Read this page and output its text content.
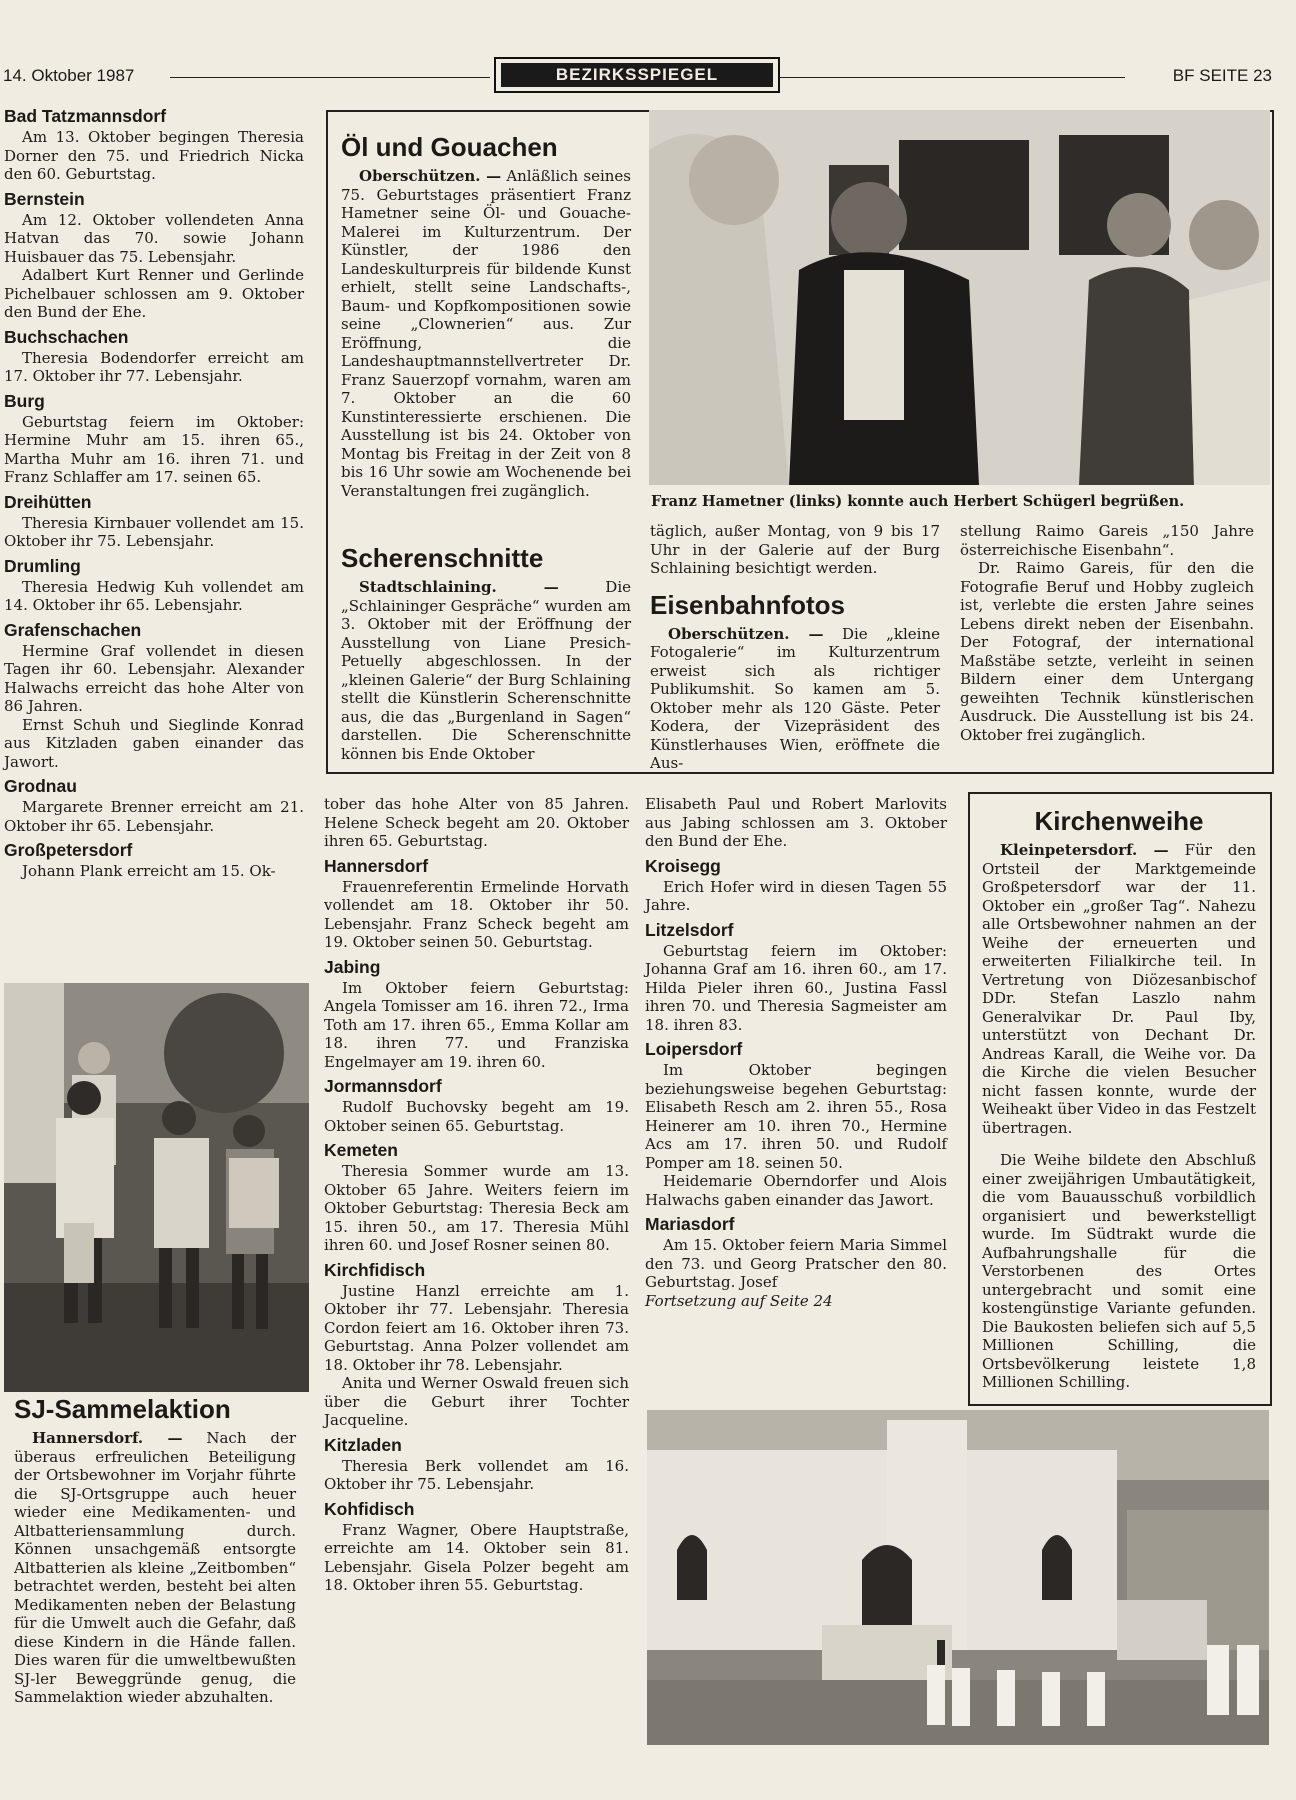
14. Oktober 1987	BEZIRKSSPIEGEL	BF SEITE 23
Bad Tatzmannsdorf

Am 13. Oktober begingen Theresia Dorner den 75. und Friedrich Nicka den 60. Geburtstag.

Bernstein

Am 12. Oktober vollendeten Anna Hatvan das 70. sowie Johann Huisbauer das 75. Lebensjahr.

Adalbert Kurt Renner und Gerlinde Pichelbauer schlossen am 9. Oktober den Bund der Ehe.

Buchschachen

Theresia Bodendorfer erreicht am 17. Oktober ihr 77. Lebensjahr.

Burg

Geburtstag feiern im Oktober: Hermine Muhr am 15. ihren 65., Martha Muhr am 16. ihren 71. und Franz Schlaffer am 17. seinen 65.

Dreihütten

Theresia Kirnbauer vollendet am 15. Oktober ihr 75. Lebensjahr.

Drumling

Theresia Hedwig Kuh vollendet am 14. Oktober ihr 65. Lebensjahr.

Grafenschachen

Hermine Graf vollendet in diesen Tagen ihr 60. Lebensjahr. Alexander Halwachs erreicht das hohe Alter von 86 Jahren.

Ernst Schuh und Sieglinde Konrad aus Kitzladen gaben einander das Jawort.

Grodnau

Margarete Brenner erreicht am 21. Oktober ihr 65. Lebensjahr.

Großpetersdorf

Johann Plank erreicht am 15. Ok-

SJ-Sammelaktion

Hannersdorf. — Nach der überaus erfreulichen Beteiligung der Ortsbewohner im Vorjahr führte die SJ-Ortsgruppe auch heuer wieder eine Medikamenten- und Altbatteriensammlung durch. Können unsachgemäß entsorgte Altbatterien als kleine „Zeitbomben“ betrachtet werden, besteht bei alten Medikamenten neben der Belastung für die Umwelt auch die Gefahr, daß diese Kindern in die Hände fallen. Dies waren für die umweltbewußten SJ-ler Beweggründe genug, die Sammelaktion wieder abzuhalten.

Öl und Gouachen

Oberschützen. — Anläßlich seines 75. Geburtstages präsentiert Franz Hametner seine Öl- und Gouache-Malerei im Kulturzentrum. Der Künstler, der 1986 den Landeskulturpreis für bildende Kunst erhielt, stellt seine Landschafts-, Baum- und Kopfkompositionen sowie seine „Clownerien“ aus. Zur Eröffnung, die Landeshauptmannstellvertreter Dr. Franz Sauerzopf vornahm, waren am 7. Oktober an die 60 Kunstinteressierte erschienen. Die Ausstellung ist bis 24. Oktober von Montag bis Freitag in der Zeit von 8 bis 16 Uhr sowie am Wochenende bei Veranstaltungen frei zugänglich.

Franz Hametner (links) konnte auch Herbert Schügerl begrüßen.
Scherenschnitte

Stadtschlaining. —	Die „Schlaininger Gespräche“ wurden am 3. Oktober mit der Eröffnung der Ausstellung von Liane Presich-Petuelly abgeschlossen. In der „kleinen Galerie“ der Burg Schlaining stellt die Künstlerin Scherenschnitte aus, die das „Burgenland in Sagen“ darstellen. Die Scherenschnitte können bis Ende Oktober

täglich, außer Montag, von 9 bis 17 Uhr in der Galerie auf der Burg Schlaining besichtigt werden.

Eisenbahnfotos

Oberschützen. — Die „kleine Fotogalerie“ im Kulturzentrum erweist sich als richtiger Publikumshit. So kamen am 5. Oktober mehr als 120 Gäste. Peter Kodera, der Vizepräsident des Künstlerhauses Wien, eröffnete die Aus-

stellung Raimo Gareis „150 Jahre österreichische Eisenbahn“.

Dr. Raimo Gareis, für den die Fotografie Beruf und Hobby zugleich ist, verlebte die ersten Jahre seines Lebens direkt neben der Eisenbahn. Der Fotograf, der international Maßstäbe setzte, verleiht in seinen Bildern einer dem Untergang geweihten Technik künstlerischen Ausdruck. Die Ausstellung ist bis 24. Oktober frei zugänglich.

tober das hohe Alter von 85 Jahren. Helene Scheck begeht am 20. Oktober ihren 65. Geburtstag.

Hannersdorf

Frauenreferentin Ermelinde Horvath vollendet am 18. Oktober ihr 50. Lebensjahr. Franz Scheck begeht am 19. Oktober seinen 50. Geburtstag.

Jabing

Im Oktober feiern Geburtstag: Angela Tomisser am 16. ihren 72., Irma Toth am 17. ihren 65., Emma Kollar am 18. ihren 77. und Franziska Engelmayer am 19. ihren 60.

Jormannsdorf

Rudolf Buchovsky begeht am 19. Oktober seinen 65. Geburtstag.

Kemeten

Theresia Sommer wurde am 13. Oktober 65 Jahre. Weiters feiern im Oktober Geburtstag: Theresia Beck am 15. ihren 50., am 17. Theresia Mühl ihren 60. und Josef Rosner seinen 80.

Kirchfidisch

Justine Hanzl erreichte am 1. Oktober ihr 77. Lebensjahr. Theresia Cordon feiert am 16. Oktober ihren 73. Geburtstag. Anna Polzer vollendet am 18. Oktober ihr 78. Lebensjahr.

Anita und Werner Oswald freuen sich über die Geburt ihrer Tochter Jacqueline.

Kitzladen

Theresia Berk vollendet am 16. Oktober ihr 75. Lebensjahr.

Kohfidisch

Franz Wagner, Obere Hauptstraße, erreichte am 14. Oktober sein 81. Lebensjahr. Gisela Polzer begeht am 18. Oktober ihren 55. Geburtstag.

Elisabeth Paul und Robert Marlovits aus Jabing schlossen am 3. Oktober den Bund der Ehe.

Kroisegg

Erich Hofer wird in diesen Tagen 55 Jahre.

Litzelsdorf

Geburtstag feiern im Oktober: Johanna Graf am 16. ihren 60., am 17. Hilda Pieler ihren 60., Justina Fassl ihren 70. und Theresia Sagmeister am 18. ihren 83.

Loipersdorf

Im Oktober begingen beziehungsweise begehen Geburtstag: Elisabeth Resch am 2. ihren 55., Rosa Heinerer am 10. ihren 70., Hermine Acs am 17. ihren 50. und Rudolf Pomper am 18. seinen 50.

Heidemarie Oberndorfer und Alois Halwachs gaben einander das Jawort.

Mariasdorf

Am 15. Oktober feiern Maria Simmel den 73. und Georg Pratscher den 80. Geburtstag. Josef

Fortsetzung auf Seite 24

Kirchenweihe

Kleinpetersdorf. — Für den Ortsteil der Marktgemeinde Großpetersdorf war der 11. Oktober ein „großer Tag“. Nahezu alle Ortsbewohner nahmen an der Weihe der erneuerten und erweiterten Filialkirche teil. In Vertretung von Diözesanbischof DDr. Stefan Laszlo nahm Generalvikar Dr. Paul Iby, unterstützt von Dechant Dr. Andreas Karall, die Weihe vor. Da die Kirche die vielen Besucher nicht fassen konnte, wurde der Weiheakt über Video in das Festzelt übertragen.

Die Weihe bildete den Abschluß einer zweijährigen Umbautätigkeit, die vom Bauausschuß vorbildlich organisiert und bewerkstelligt wurde. Im Südtrakt wurde die Aufbahrungshalle für die Verstorbenen des Ortes untergebracht und somit eine kostengünstige Variante gefunden. Die Baukosten beliefen sich auf 5,5 Millionen Schilling, die Ortsbevölkerung leistete 1,8 Millionen Schilling.
